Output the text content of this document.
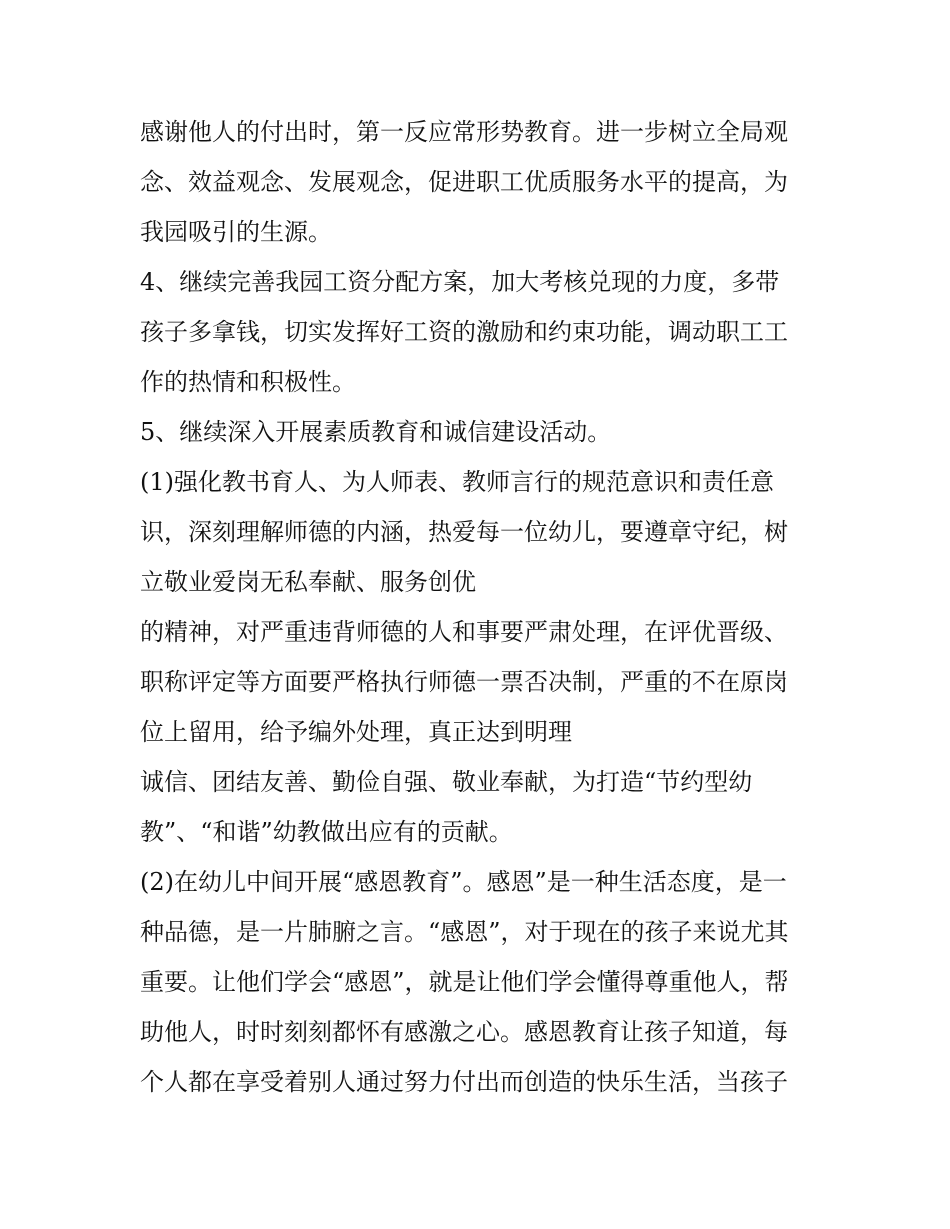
感谢他人的付出时，第一反应常形势教育。进一步树立全局观
念、效益观念、发展观念，促进职工优质服务水平的提高，为
我园吸引的生源。
4、继续完善我园工资分配方案，加大考核兑现的力度，多带
孩子多拿钱，切实发挥好工资的激励和约束功能，调动职工工
作的热情和积极性。
5、继续深入开展素质教育和诚信建设活动。
(1)强化教书育人、为人师表、教师言行的规范意识和责任意
识，深刻理解师德的内涵，热爱每一位幼儿，要遵章守纪，树
立敬业爱岗无私奉献、服务创优
的精神，对严重违背师德的人和事要严肃处理，在评优晋级、
职称评定等方面要严格执行师德一票否决制，严重的不在原岗
位上留用，给予编外处理，真正达到明理
诚信、团结友善、勤俭自强、敬业奉献，为打造“节约型幼
教”、“和谐”幼教做出应有的贡献。
(2)在幼儿中间开展“感恩教育”。感恩”是一种生活态度，是一
种品德，是一片肺腑之言。“感恩”，对于现在的孩子来说尤其
重要。让他们学会“感恩”，就是让他们学会懂得尊重他人，帮
助他人，时时刻刻都怀有感激之心。感恩教育让孩子知道，每
个人都在享受着别人通过努力付出而创造的快乐生活，当孩子
